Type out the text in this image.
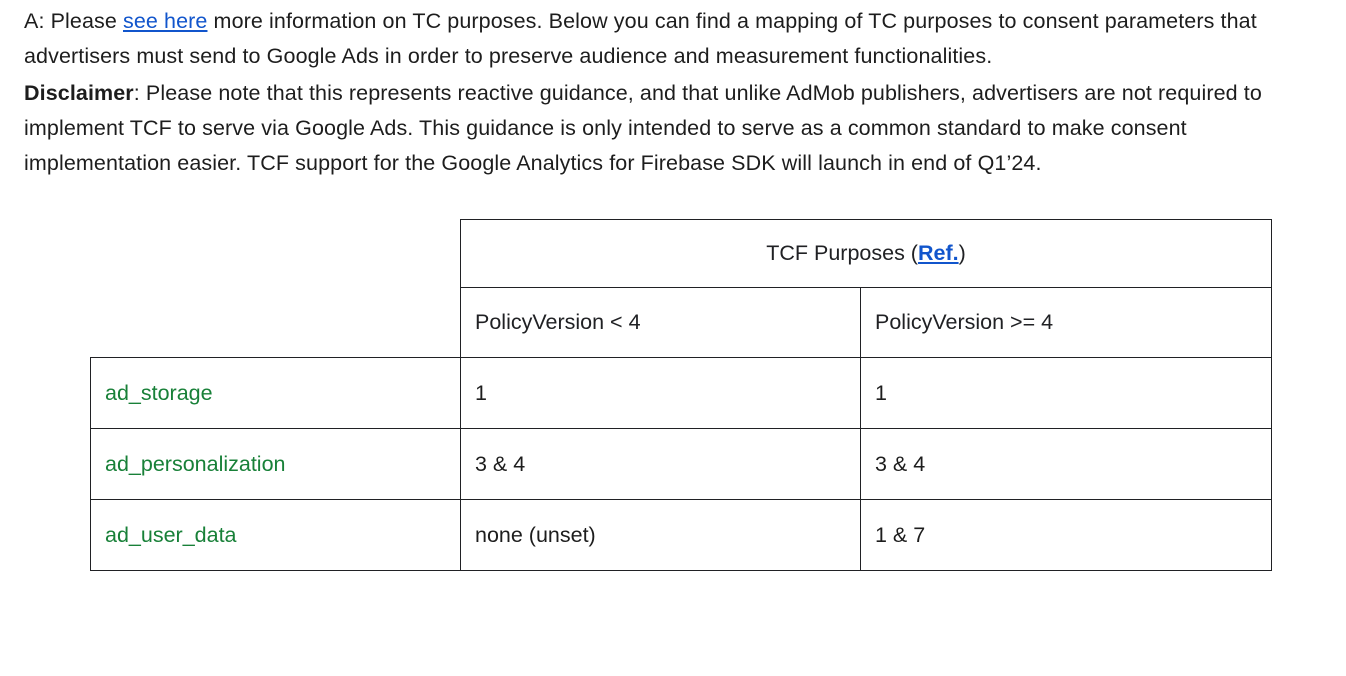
A: Please see here more information on TC purposes. Below you can find a mapping of TC purposes to consent parameters that advertisers must send to Google Ads in order to preserve audience and measurement functionalities.

Disclaimer: Please note that this represents reactive guidance, and that unlike AdMob publishers, advertisers are not required to implement TCF to serve via Google Ads. This guidance is only intended to serve as a common standard to make consent implementation easier. TCF support for the Google Analytics for Firebase SDK will launch in end of Q1’24.

	TCF Purposes (Ref.)	
	PolicyVersion < 4	PolicyVersion >= 4
ad_storage	1	1
ad_personalization	3 & 4	3 & 4
ad_user_data	none (unset)	1 & 7
